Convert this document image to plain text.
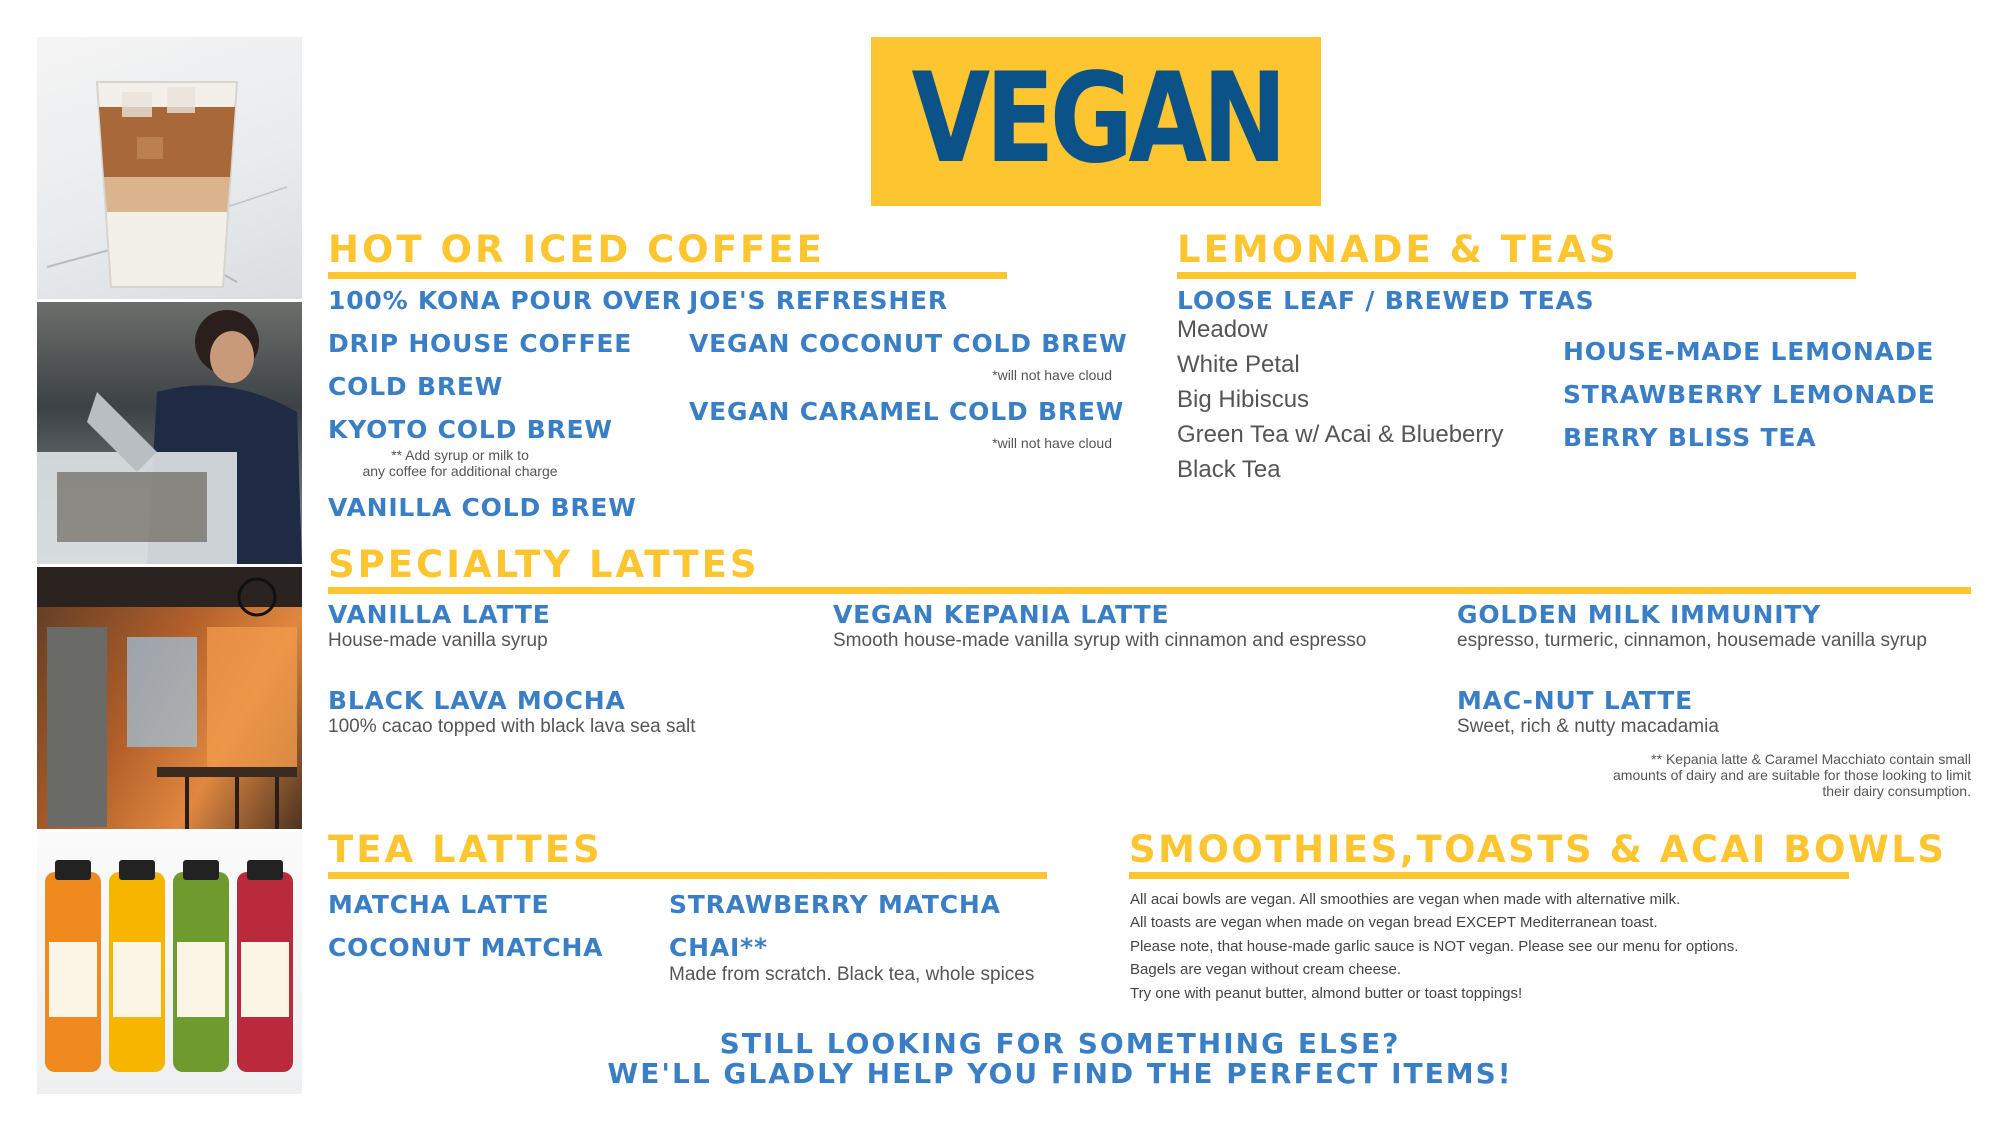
VEGAN
HOT OR ICED COFFEE
100% KONA POUR OVER
DRIP HOUSE COFFEE
COLD BREW
KYOTO COLD BREW
** Add syrup or milk to
any coffee for additional charge
VANILLA COLD BREW
JOE'S REFRESHER
VEGAN COCONUT COLD BREW
*will not have cloud
VEGAN CARAMEL COLD BREW
*will not have cloud
LEMONADE & TEAS
LOOSE LEAF / BREWED TEAS
Meadow
White Petal
Big Hibiscus
Green Tea w/ Acai & Blueberry
Black Tea
HOUSE-MADE LEMONADE
STRAWBERRY LEMONADE
BERRY BLISS TEA
SPECIALTY LATTES
VANILLA LATTE
House-made vanilla syrup
VEGAN KEPANIA LATTE
Smooth house-made vanilla syrup with cinnamon and espresso
GOLDEN MILK IMMUNITY
espresso, turmeric, cinnamon, housemade vanilla syrup
BLACK LAVA MOCHA
100% cacao topped with black lava sea salt
MAC-NUT LATTE
Sweet, rich & nutty macadamia
** Kepania latte & Caramel Macchiato contain small
amounts of dairy and are suitable for those looking to limit
their dairy consumption.
TEA LATTES
MATCHA LATTE
COCONUT MATCHA
STRAWBERRY MATCHA
CHAI**
Made from scratch. Black tea, whole spices
SMOOTHIES,TOASTS & ACAI BOWLS
All acai bowls are vegan. All smoothies are vegan when made with alternative milk.
All toasts are vegan when made on vegan bread EXCEPT Mediterranean toast.
Please note, that house-made garlic sauce is NOT vegan. Please see our menu for options.
Bagels are vegan without cream cheese.
Try one with peanut butter, almond butter or toast toppings!
STILL LOOKING FOR SOMETHING ELSE?
WE'LL GLADLY HELP YOU FIND THE PERFECT ITEMS!
